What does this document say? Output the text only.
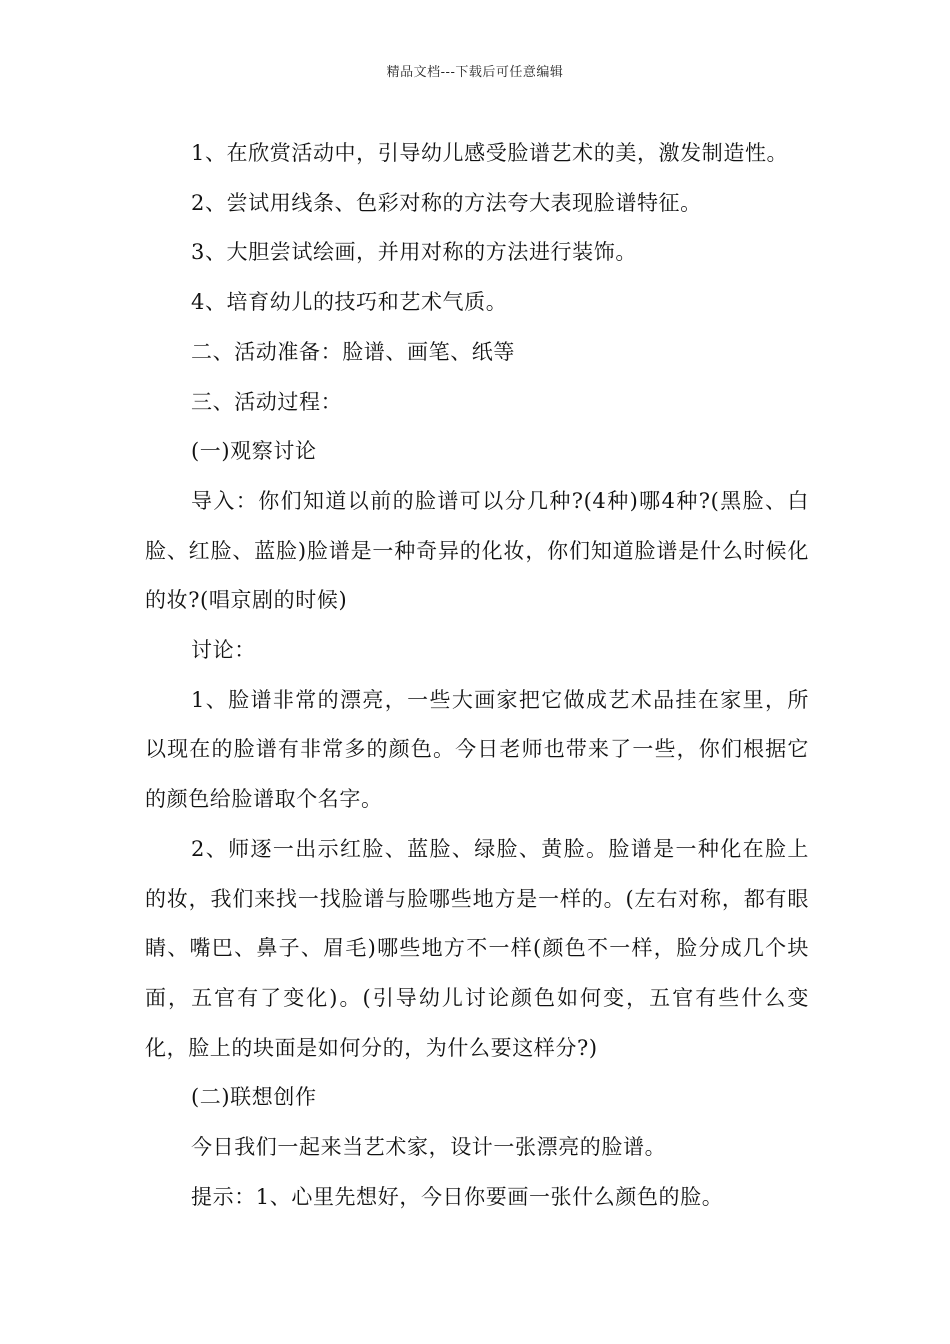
精品文档---下载后可任意编辑

1、在欣赏活动中，引导幼儿感受脸谱艺术的美，激发制造性。

2、尝试用线条、色彩对称的方法夸大表现脸谱特征。

3、大胆尝试绘画，并用对称的方法进行装饰。

4、培育幼儿的技巧和艺术气质。

二、活动准备：脸谱、画笔、纸等

三、活动过程：

(一)观察讨论

导入：你们知道以前的脸谱可以分几种?(4种)哪4种?(黑脸、白脸、红脸、蓝脸)脸谱是一种奇异的化妆，你们知道脸谱是什么时候化的妆?(唱京剧的时候)

讨论：

1、脸谱非常的漂亮，一些大画家把它做成艺术品挂在家里，所以现在的脸谱有非常多的颜色。今日老师也带来了一些，你们根据它的颜色给脸谱取个名字。

2、师逐一出示红脸、蓝脸、绿脸、黄脸。脸谱是一种化在脸上的妆，我们来找一找脸谱与脸哪些地方是一样的。(左右对称，都有眼睛、嘴巴、鼻子、眉毛)哪些地方不一样(颜色不一样，脸分成几个块面，五官有了变化)。(引导幼儿讨论颜色如何变，五官有些什么变化，脸上的块面是如何分的，为什么要这样分?)

(二)联想创作

今日我们一起来当艺术家，设计一张漂亮的脸谱。

提示：1、心里先想好，今日你要画一张什么颜色的脸。
